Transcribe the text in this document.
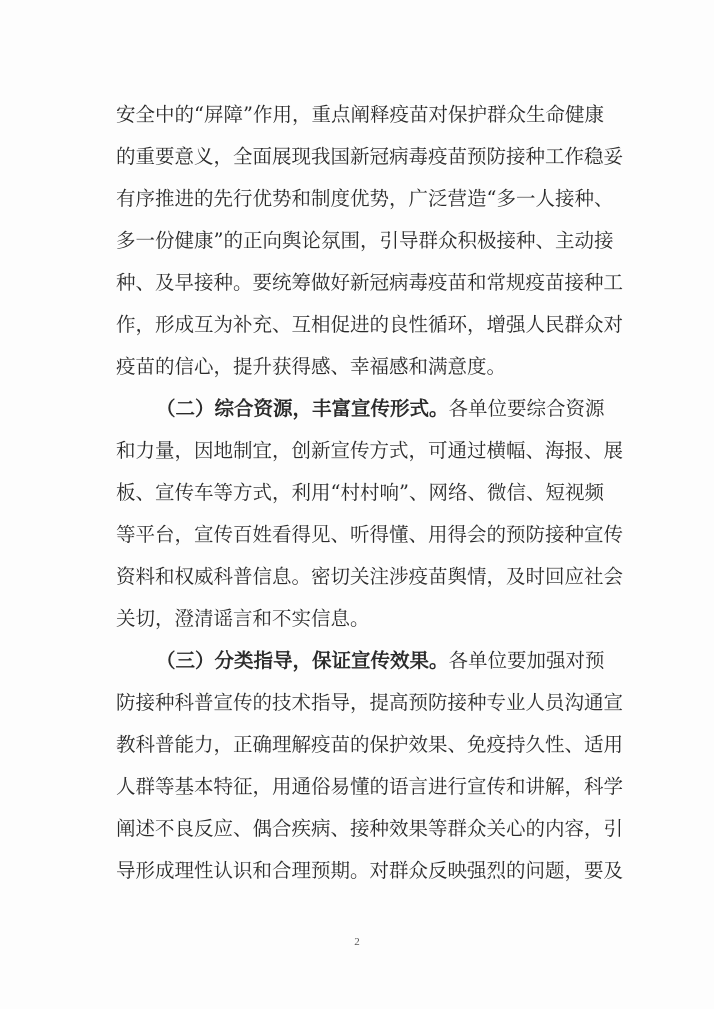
安全中的“屏障”作用，重点阐释疫苗对保护群众生命健康
的重要意义，全面展现我国新冠病毒疫苗预防接种工作稳妥
有序推进的先行优势和制度优势，广泛营造“多一人接种、
多一份健康”的正向舆论氛围，引导群众积极接种、主动接
种、及早接种。要统筹做好新冠病毒疫苗和常规疫苗接种工
作，形成互为补充、互相促进的良性循环，增强人民群众对
疫苗的信心，提升获得感、幸福感和满意度。
（二）综合资源，丰富宣传形式。各单位要综合资源
和力量，因地制宜，创新宣传方式，可通过横幅、海报、展
板、宣传车等方式，利用“村村响”、网络、微信、短视频
等平台，宣传百姓看得见、听得懂、用得会的预防接种宣传
资料和权威科普信息。密切关注涉疫苗舆情，及时回应社会
关切，澄清谣言和不实信息。
（三）分类指导，保证宣传效果。各单位要加强对预
防接种科普宣传的技术指导，提高预防接种专业人员沟通宣
教科普能力，正确理解疫苗的保护效果、免疫持久性、适用
人群等基本特征，用通俗易懂的语言进行宣传和讲解，科学
阐述不良反应、偶合疾病、接种效果等群众关心的内容，引
导形成理性认识和合理预期。对群众反映强烈的问题，要及
2
